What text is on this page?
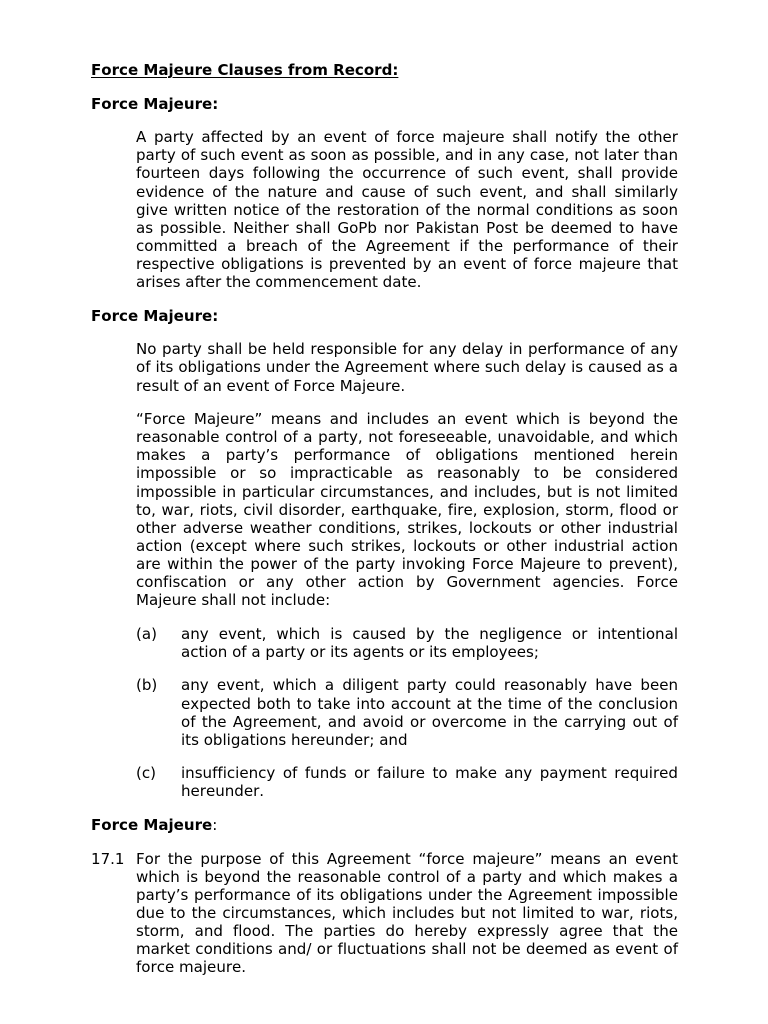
Force Majeure Clauses from Record:
Force Majeure:
A party affected by an event of force majeure shall notify the other party of such event as soon as possible, and in any case, not later than fourteen days following the occurrence of such event, shall provide evidence of the nature and cause of such event, and shall similarly give written notice of the restoration of the normal conditions as soon as possible. Neither shall GoPb nor Pakistan Post be deemed to have committed a breach of the Agreement if the performance of their respective obligations is prevented by an event of force majeure that arises after the commencement date.
Force Majeure:
No party shall be held responsible for any delay in performance of any of its obligations under the Agreement where such delay is caused as a result of an event of Force Majeure.
“Force Majeure” means and includes an event which is beyond the reasonable control of a party, not foreseeable, unavoidable, and which makes a party’s performance of obligations mentioned herein impossible or so impracticable as reasonably to be considered impossible in particular circumstances, and includes, but is not limited to, war, riots, civil disorder, earthquake, fire, explosion, storm, flood or other adverse weather conditions, strikes, lockouts or other industrial action (except where such strikes, lockouts or other industrial action are within the power of the party invoking Force Majeure to prevent), confiscation or any other action by Government agencies. Force Majeure shall not include:
(a)	any event, which is caused by the negligence or intentional action of a party or its agents or its employees;
(b)	any event, which a diligent party could reasonably have been expected both to take into account at the time of the conclusion of the Agreement, and avoid or overcome in the carrying out of its obligations hereunder; and
(c)	insufficiency of funds or failure to make any payment required hereunder.
Force Majeure:
17.1 For the purpose of this Agreement “force majeure” means an event which is beyond the reasonable control of a party and which makes a party’s performance of its obligations under the Agreement impossible due to the circumstances, which includes but not limited to war, riots, storm, and flood. The parties do hereby expressly agree that the market conditions and/ or fluctuations shall not be deemed as event of force majeure.
